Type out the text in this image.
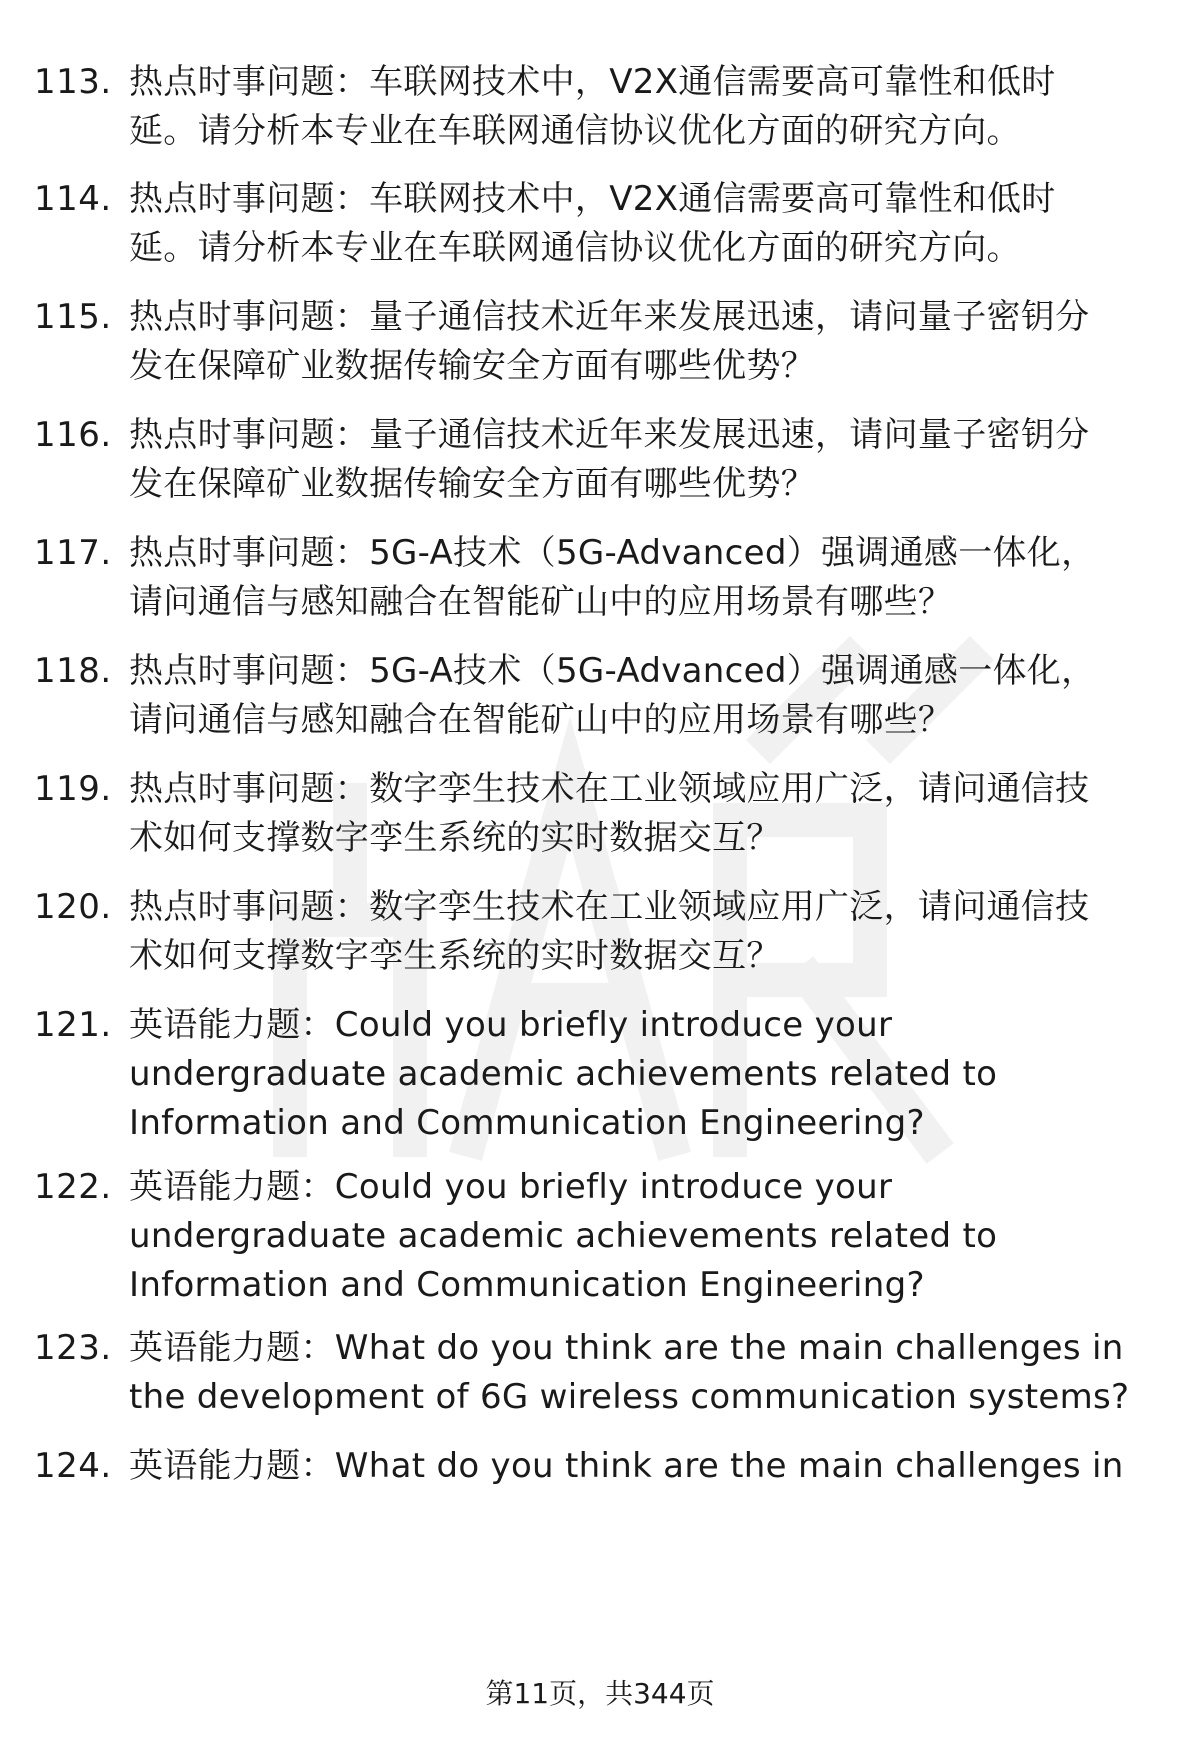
113. 热点时事问题：车联网技术中，V2X通信需要高可靠性和低时
延。请分析本专业在车联网通信协议优化方面的研究方向。
114. 热点时事问题：车联网技术中，V2X通信需要高可靠性和低时
延。请分析本专业在车联网通信协议优化方面的研究方向。
115. 热点时事问题：量子通信技术近年来发展迅速，请问量子密钥分
发在保障矿业数据传输安全方面有哪些优势？
116. 热点时事问题：量子通信技术近年来发展迅速，请问量子密钥分
发在保障矿业数据传输安全方面有哪些优势？
117. 热点时事问题：5G-A技术（5G-Advanced）强调通感一体化，
请问通信与感知融合在智能矿山中的应用场景有哪些？
118. 热点时事问题：5G-A技术（5G-Advanced）强调通感一体化，
请问通信与感知融合在智能矿山中的应用场景有哪些？
119. 热点时事问题：数字孪生技术在工业领域应用广泛，请问通信技
术如何支撑数字孪生系统的实时数据交互？
120. 热点时事问题：数字孪生技术在工业领域应用广泛，请问通信技
术如何支撑数字孪生系统的实时数据交互？
121. 英语能力题：Could you briefly introduce your
undergraduate academic achievements related to
Information and Communication Engineering?
122. 英语能力题：Could you briefly introduce your
undergraduate academic achievements related to
Information and Communication Engineering?
123. 英语能力题：What do you think are the main challenges in
the development of 6G wireless communication systems?
124. 英语能力题：What do you think are the main challenges in
第11页，共344页
